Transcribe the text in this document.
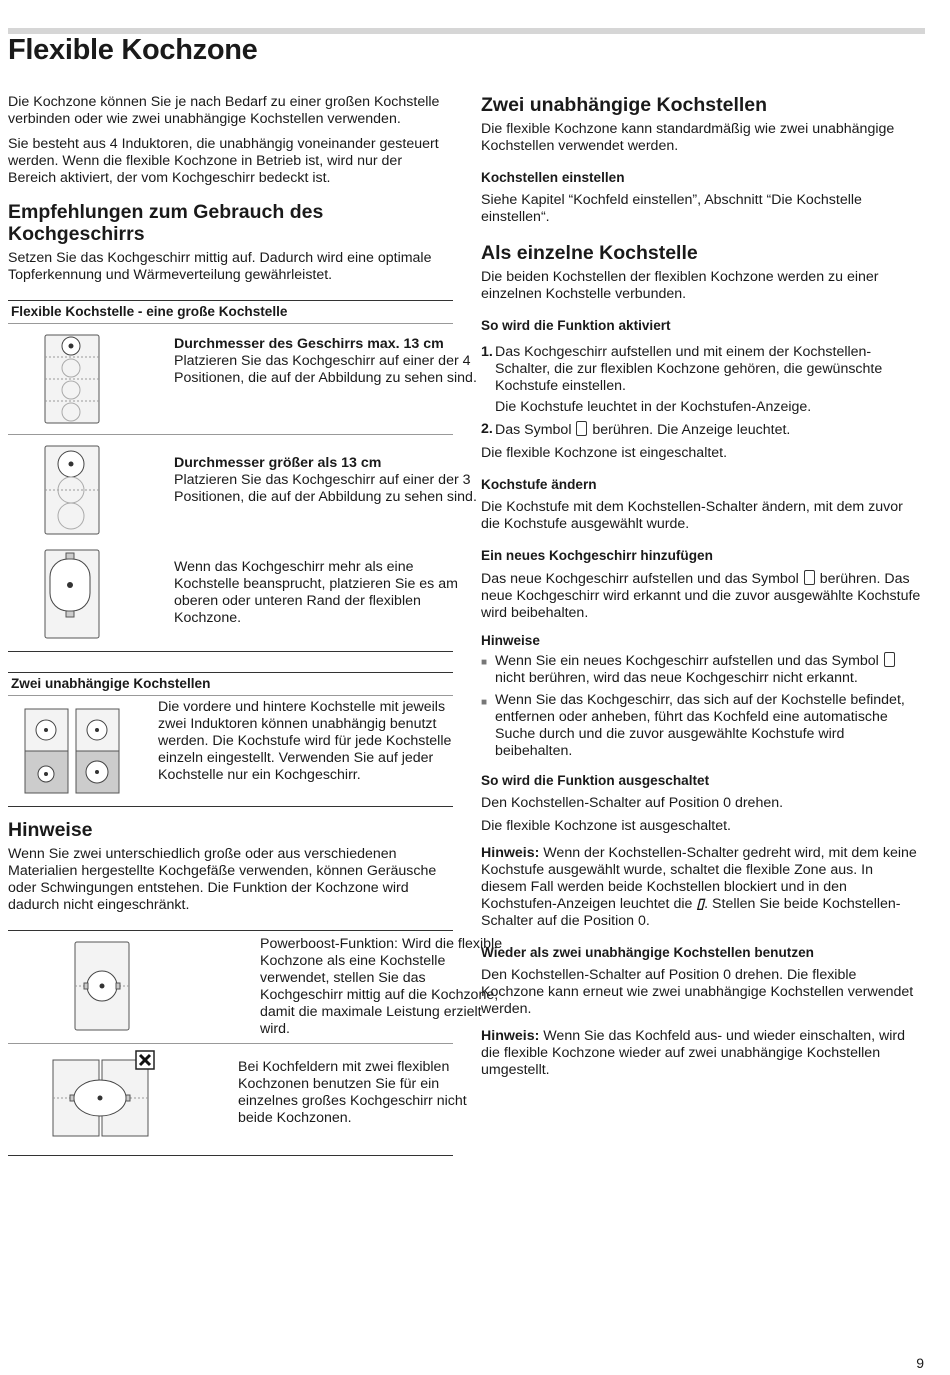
Flexible Kochzone

Die Kochzone können Sie je nach Bedarf zu einer großen Kochstelle verbinden oder wie zwei unabhängige Kochstellen verwenden.

Sie besteht aus 4 Induktoren, die unabhängig voneinander gesteuert werden. Wenn die flexible Kochzone in Betrieb ist, wird nur der Bereich aktiviert, der vom Kochgeschirr bedeckt ist.

Empfehlungen zum Gebrauch des Kochgeschirrs

Setzen Sie das Kochgeschirr mittig auf. Dadurch wird eine optimale Topferkennung und Wärmeverteilung gewährleistet.

Flexible Kochstelle - eine große Kochstelle
Durchmesser des Geschirrs max. 13 cm
Platzieren Sie das Kochgeschirr auf einer der 4 Positionen, die auf der Abbildung zu sehen sind.
Durchmesser größer als 13 cm
Platzieren Sie das Kochgeschirr auf einer der 3 Positionen, die auf der Abbildung zu sehen sind.
Wenn das Kochgeschirr mehr als eine Kochstelle beansprucht, platzieren Sie es am oberen oder unteren Rand der flexiblen Kochzone.
Zwei unabhängige Kochstellen
Die vordere und hintere Kochstelle mit jeweils zwei Induktoren können unabhängig benutzt werden. Die Kochstufe wird für jede Kochstelle einzeln eingestellt. Verwenden Sie auf jeder Kochstelle nur ein Kochgeschirr.
Hinweise

Wenn Sie zwei unterschiedlich große oder aus verschiedenen Materialien hergestellte Kochgefäße verwenden, können Geräusche oder Schwingungen entstehen. Die Funktion der Kochzone wird dadurch nicht eingeschränkt.

Powerboost-Funktion: Wird die flexible Kochzone als eine Kochstelle verwendet, stellen Sie das Kochgeschirr mittig auf die Kochzone, damit die maximale Leistung erzielt wird.
Bei Kochfeldern mit zwei flexiblen Kochzonen benutzen Sie für ein einzelnes großes Kochgeschirr nicht beide Kochzonen.
Zwei unabhängige Kochstellen

Die flexible Kochzone kann standardmäßig wie zwei unabhängige Kochstellen verwendet werden.

Kochstellen einstellen

Siehe Kapitel “Kochfeld einstellen”, Abschnitt “Die Kochstelle einstellen“.

Als einzelne Kochstelle

Die beiden Kochstellen der flexiblen Kochzone werden zu einer einzelnen Kochstelle verbunden.

So wird die Funktion aktiviert
1. Das Kochgeschirr aufstellen und mit einem der Kochstellen-Schalter, die zur flexiblen Kochzone gehören, die gewünschte Kochstufe einstellen.
Die Kochstufe leuchtet in der Kochstufen-Anzeige.
2. Das Symbol berühren. Die Anzeige leuchtet.

Die flexible Kochzone ist eingeschaltet.

Kochstufe ändern

Die Kochstufe mit dem Kochstellen-Schalter ändern, mit dem zuvor die Kochstufe ausgewählt wurde.

Ein neues Kochgeschirr hinzufügen

Das neue Kochgeschirr aufstellen und das Symbol berühren. Das neue Kochgeschirr wird erkannt und die zuvor ausgewählte Kochstufe wird beibehalten.

Hinweise
■ Wenn Sie ein neues Kochgeschirr aufstellen und das Symbol  nicht berühren, wird das neue Kochgeschirr nicht erkannt.
■ Wenn Sie das Kochgeschirr, das sich auf der Kochstelle befindet, entfernen oder anheben, führt das Kochfeld eine automatische Suche durch und die zuvor ausgewählte Kochstufe wird beibehalten.
So wird die Funktion ausgeschaltet

Den Kochstellen-Schalter auf Position 0 drehen.

Die flexible Kochzone ist ausgeschaltet.

Hinweis: Wenn der Kochstellen-Schalter gedreht wird, mit dem keine Kochstufe ausgewählt wurde, schaltet die flexible Zone aus. In diesem Fall werden beide Kochstellen blockiert und in den Kochstufen-Anzeigen leuchtet die ▯. Stellen Sie beide Kochstellen-Schalter auf die Position 0.

Wieder als zwei unabhängige Kochstellen benutzen

Den Kochstellen-Schalter auf Position 0 drehen. Die flexible Kochzone kann erneut wie zwei unabhängige Kochstellen verwendet werden.

Hinweis: Wenn Sie das Kochfeld aus- und wieder einschalten, wird die flexible Kochzone wieder auf zwei unabhängige Kochstellen umgestellt.

9
